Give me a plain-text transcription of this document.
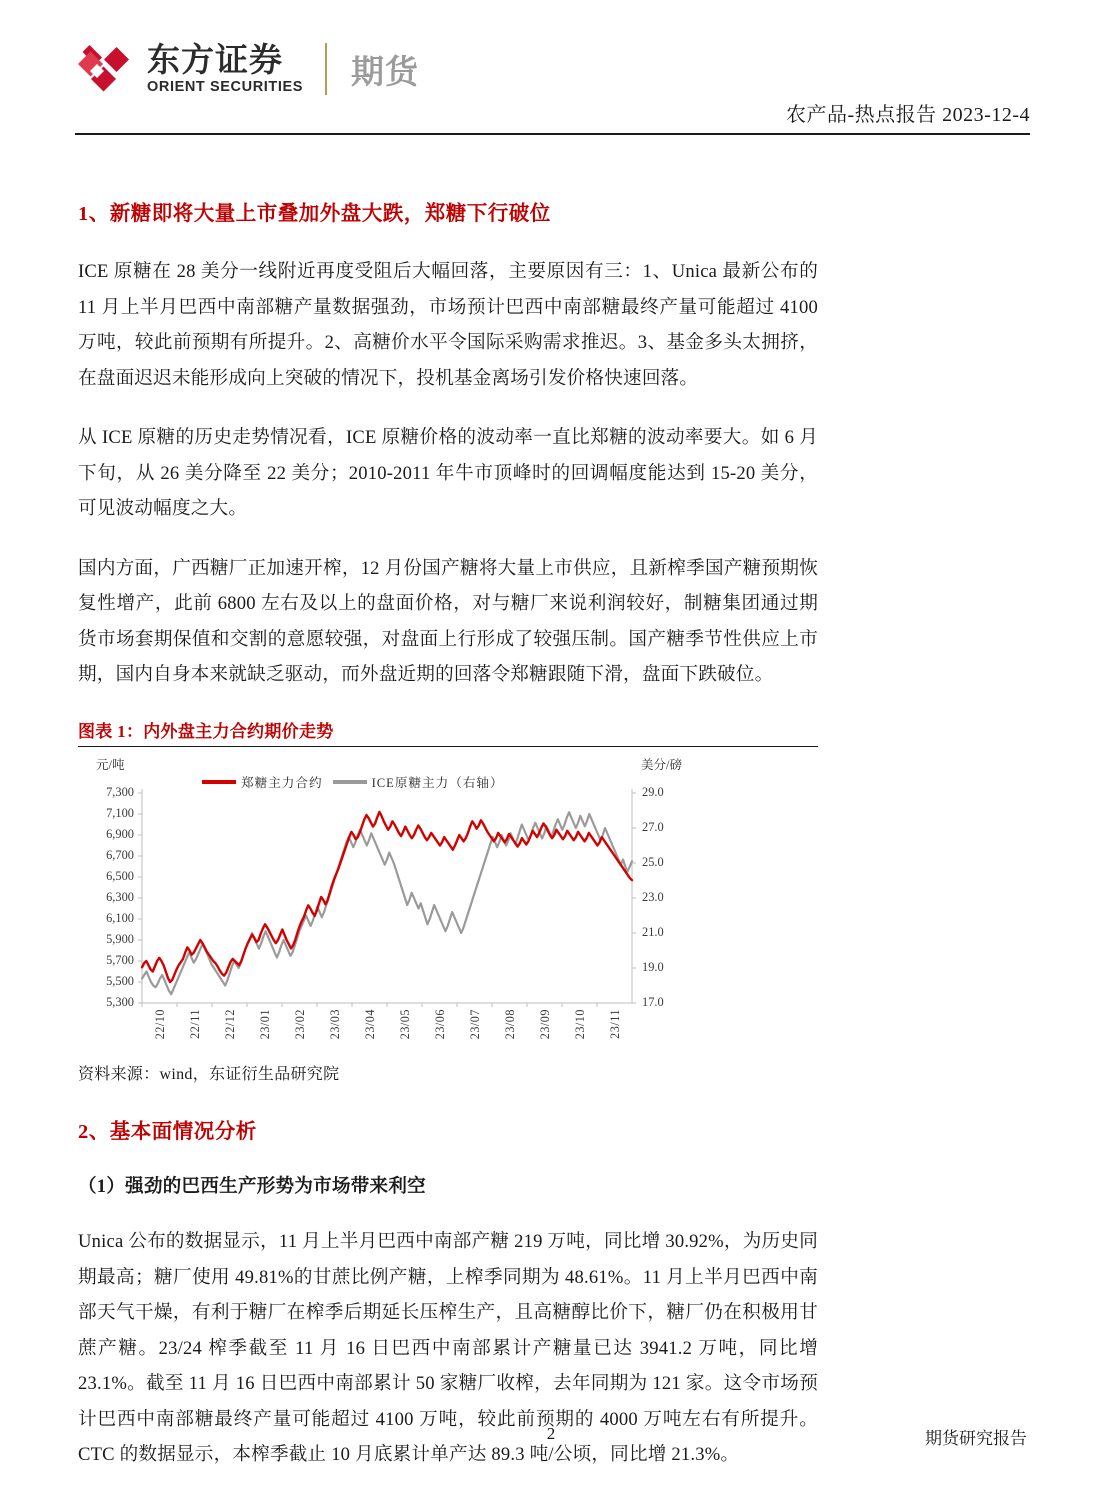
东方证券
ORIENT SECURITIES 期货
农产品-热点报告 2023-12-4
1、新糖即将大量上市叠加外盘大跌，郑糖下行破位

ICE 原糖在 28 美分一线附近再度受阻后大幅回落，主要原因有三：1、Unica 最新公布的 11 月上半月巴西中南部糖产量数据强劲，市场预计巴西中南部糖最终产量可能超过 4100 万吨，较此前预期有所提升。2、高糖价水平令国际采购需求推迟。3、基金多头太拥挤，在盘面迟迟未能形成向上突破的情况下，投机基金离场引发价格快速回落。

从 ICE 原糖的历史走势情况看，ICE 原糖价格的波动率一直比郑糖的波动率要大。如 6 月下旬，从 26 美分降至 22 美分；2010-2011 年牛市顶峰时的回调幅度能达到 15-20 美分，可见波动幅度之大。

国内方面，广西糖厂正加速开榨，12 月份国产糖将大量上市供应，且新榨季国产糖预期恢复性增产，此前 6800 左右及以上的盘面价格，对与糖厂来说利润较好，制糖集团通过期货市场套期保值和交割的意愿较强，对盘面上行形成了较强压制。国产糖季节性供应上市期，国内自身本来就缺乏驱动，而外盘近期的回落令郑糖跟随下滑，盘面下跌破位。

图表 1：内外盘主力合约期价走势
元/吨	美分/磅
郑糖主力合约	ICE原糖主力（右轴）
7,300
7,100
6,900
6,700
6,500
6,300
6,100
5,900
5,700
5,500
5,300
29.0
27.0
25.0
23.0
21.0
19.0
17.0
22/10 22/11 22/12 23/01 23/02 23/03 23/04 23/05 23/06 23/07 23/08 23/09 23/10 23/11
资料来源：wind，东证衍生品研究院
2、基本面情况分析
（1）强劲的巴西生产形势为市场带来利空

Unica 公布的数据显示，11 月上半月巴西中南部产糖 219 万吨，同比增 30.92%，为历史同期最高；糖厂使用 49.81%的甘蔗比例产糖，上榨季同期为 48.61%。11 月上半月巴西中南部天气干燥，有利于糖厂在榨季后期延长压榨生产，且高糖醇比价下，糖厂仍在积极用甘蔗产糖。23/24 榨季截至 11 月 16 日巴西中南部累计产糖量已达 3941.2 万吨，同比增 23.1%。截至 11 月 16 日巴西中南部累计 50 家糖厂收榨，去年同期为 121 家。这令市场预计巴西中南部糖最终产量可能超过 4100 万吨，较此前预期的 4000 万吨左右有所提升。CTC 的数据显示，本榨季截止 10 月底累计单产达 89.3 吨/公顷，同比增 21.3%。

2	期货研究报告
